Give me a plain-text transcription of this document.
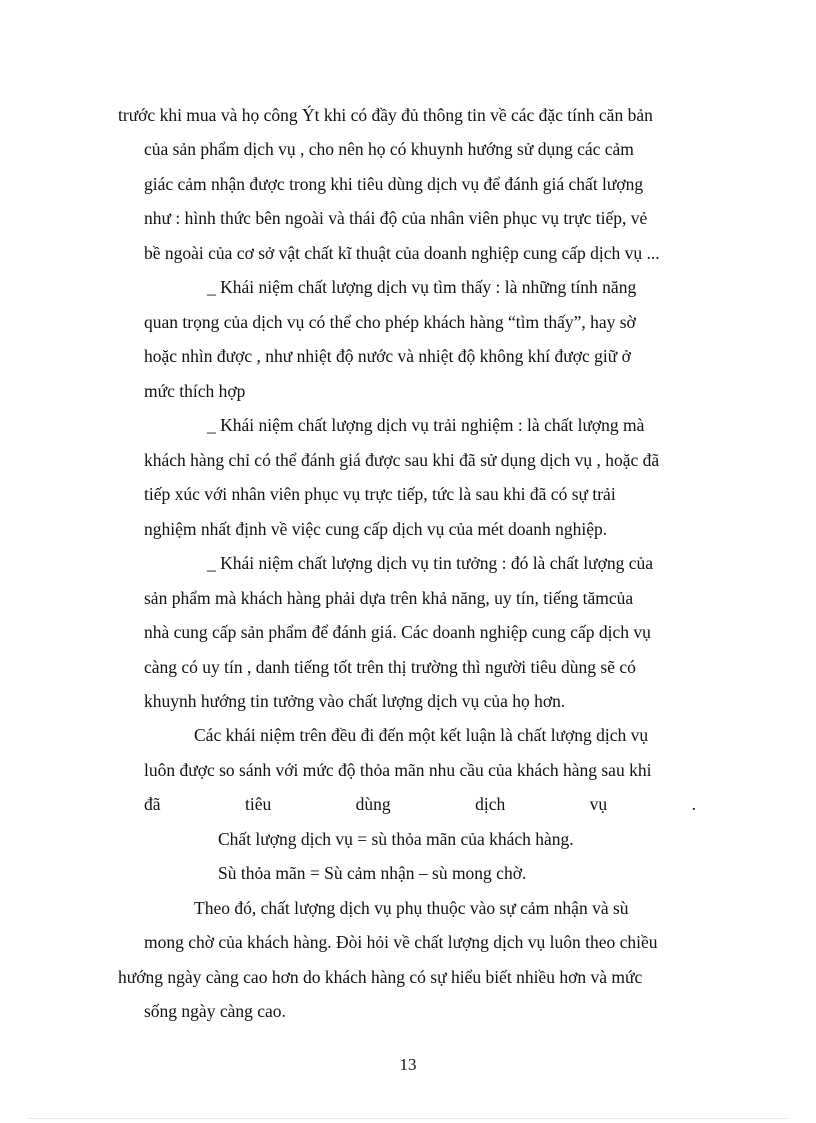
trước khi mua và họ công Ýt khi có đầy đủ thông tin về các đặc tính căn bản
của sản phẩm dịch vụ , cho nên họ có khuynh hướng sử dụng các cảm
giác cảm nhận được trong khi tiêu dùng dịch vụ để đánh giá chất lượng
như : hình thức bên ngoài và thái độ của nhân viên phục vụ trực tiếp, vẻ
bề ngoài của cơ sở vật chất kĩ thuật của doanh nghiệp cung cấp dịch vụ ...
_ Khái niệm chất lượng dịch vụ tìm thấy : là những tính năng
quan trọng của dịch vụ có thể cho phép khách hàng “tìm thấy”, hay sờ
hoặc nhìn được , như nhiệt độ nước và nhiệt độ không khí được giữ ở
mức thích hợp
_ Khái niệm chất lượng dịch vụ trải nghiệm : là chất lượng mà
khách hàng chỉ có thể đánh giá được sau khi đã sử dụng dịch vụ , hoặc đã
tiếp xúc với nhân viên phục vụ trực tiếp, tức là sau khi đã có sự trải
nghiệm nhất định về việc cung cấp dịch vụ của mét doanh nghiệp.
_ Khái niệm chất lượng dịch vụ tin tưởng : đó là chất lượng của
sản phẩm mà khách hàng phải dựa trên khả năng, uy tín, tiếng tămcủa
nhà cung cấp sản phẩm để đánh giá. Các doanh nghiệp cung cấp dịch vụ
càng có uy tín , danh tiếng tốt trên thị trường thì người tiêu dùng sẽ có
khuynh hướng tin tưởng vào chất lượng dịch vụ của họ hơn.
Các khái niệm trên đều đi đến một kết luận là chất lượng dịch vụ
luôn được so sánh với mức độ thỏa mãn nhu cầu của khách hàng sau khi
đã	tiêu	dùng	dịch	vụ	.
Chất lượng dịch vụ = sù thỏa mãn của khách hàng.
Sù thỏa mãn = Sù cảm nhận – sù mong chờ.
Theo đó, chất lượng dịch vụ phụ thuộc vào sự cảm nhận và sù
mong chờ của khách hàng. Đòi hỏi về chất lượng dịch vụ luôn theo chiều
hướng ngày càng cao hơn do khách hàng có sự hiểu biết nhiều hơn và mức
sống ngày càng cao.
13
